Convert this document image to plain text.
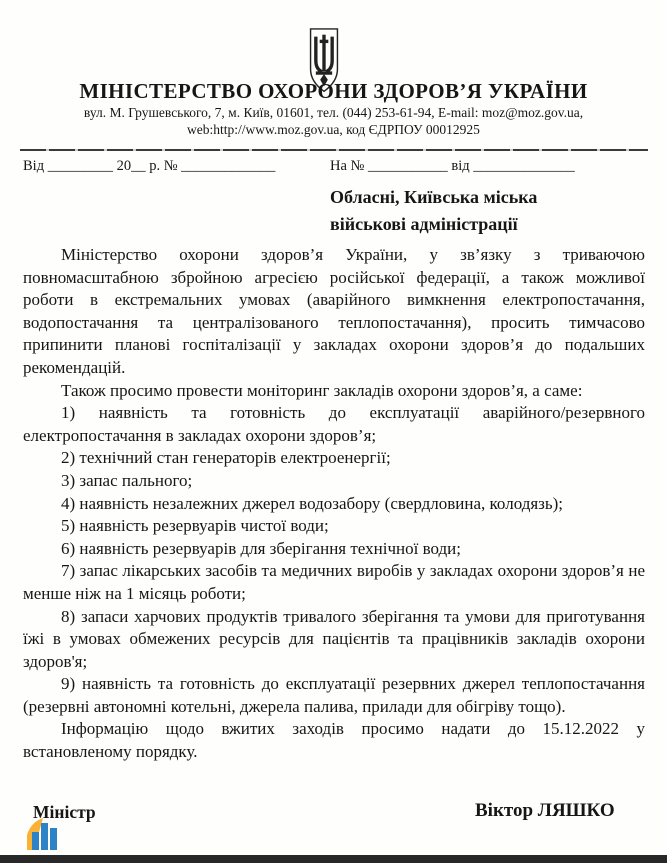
МІНІСТЕРСТВО ОХОРОНИ ЗДОРОВ’Я УКРАЇНИ
вул. М. Грушевського, 7, м. Київ, 01601, тел. (044) 253-61-94, E-mail: moz@moz.gov.ua,
web:http://www.moz.gov.ua, код ЄДРПОУ 00012925
Від _________ 20__ р. № _____________	На № ___________ від ______________
Обласні, Київська міська
військові адміністрації

Міністерство охорони здоров’я України, у зв’язку з триваючою повномасштабною збройною агресією російської федерації, а також можливої роботи в екстремальних умовах (аварійного вимкнення електропостачання, водопостачання та централізованого теплопостачання), просить тимчасово припинити планові госпіталізації у закладах охорони здоров’я до подальших рекомендацій.

Також просимо провести моніторинг закладів охорони здоров’я, а саме:

1) наявність та готовність до експлуатації аварійного/резервного електропостачання в закладах охорони здоров’я;

2) технічний стан генераторів електроенергії;

3) запас пального;

4) наявність незалежних джерел водозабору (свердловина, колодязь);

5) наявність резервуарів чистої води;

6) наявність резервуарів для зберігання технічної води;

7) запас лікарських засобів та медичних виробів у закладах охорони здоров’я не менше ніж на 1 місяць роботи;

8) запаси харчових продуктів тривалого зберігання та умови для приготування їжі в умовах обмежених ресурсів для пацієнтів та працівників закладів охорони здоров'я;

9) наявність та готовність до експлуатації резервних джерел теплопостачання (резервні автономні котельні, джерела палива, прилади для обігріву тощо).

Інформацію щодо вжитих заходів просимо надати до 15.12.2022 у встановленому порядку.

Міністр	Віктор ЛЯШКО
